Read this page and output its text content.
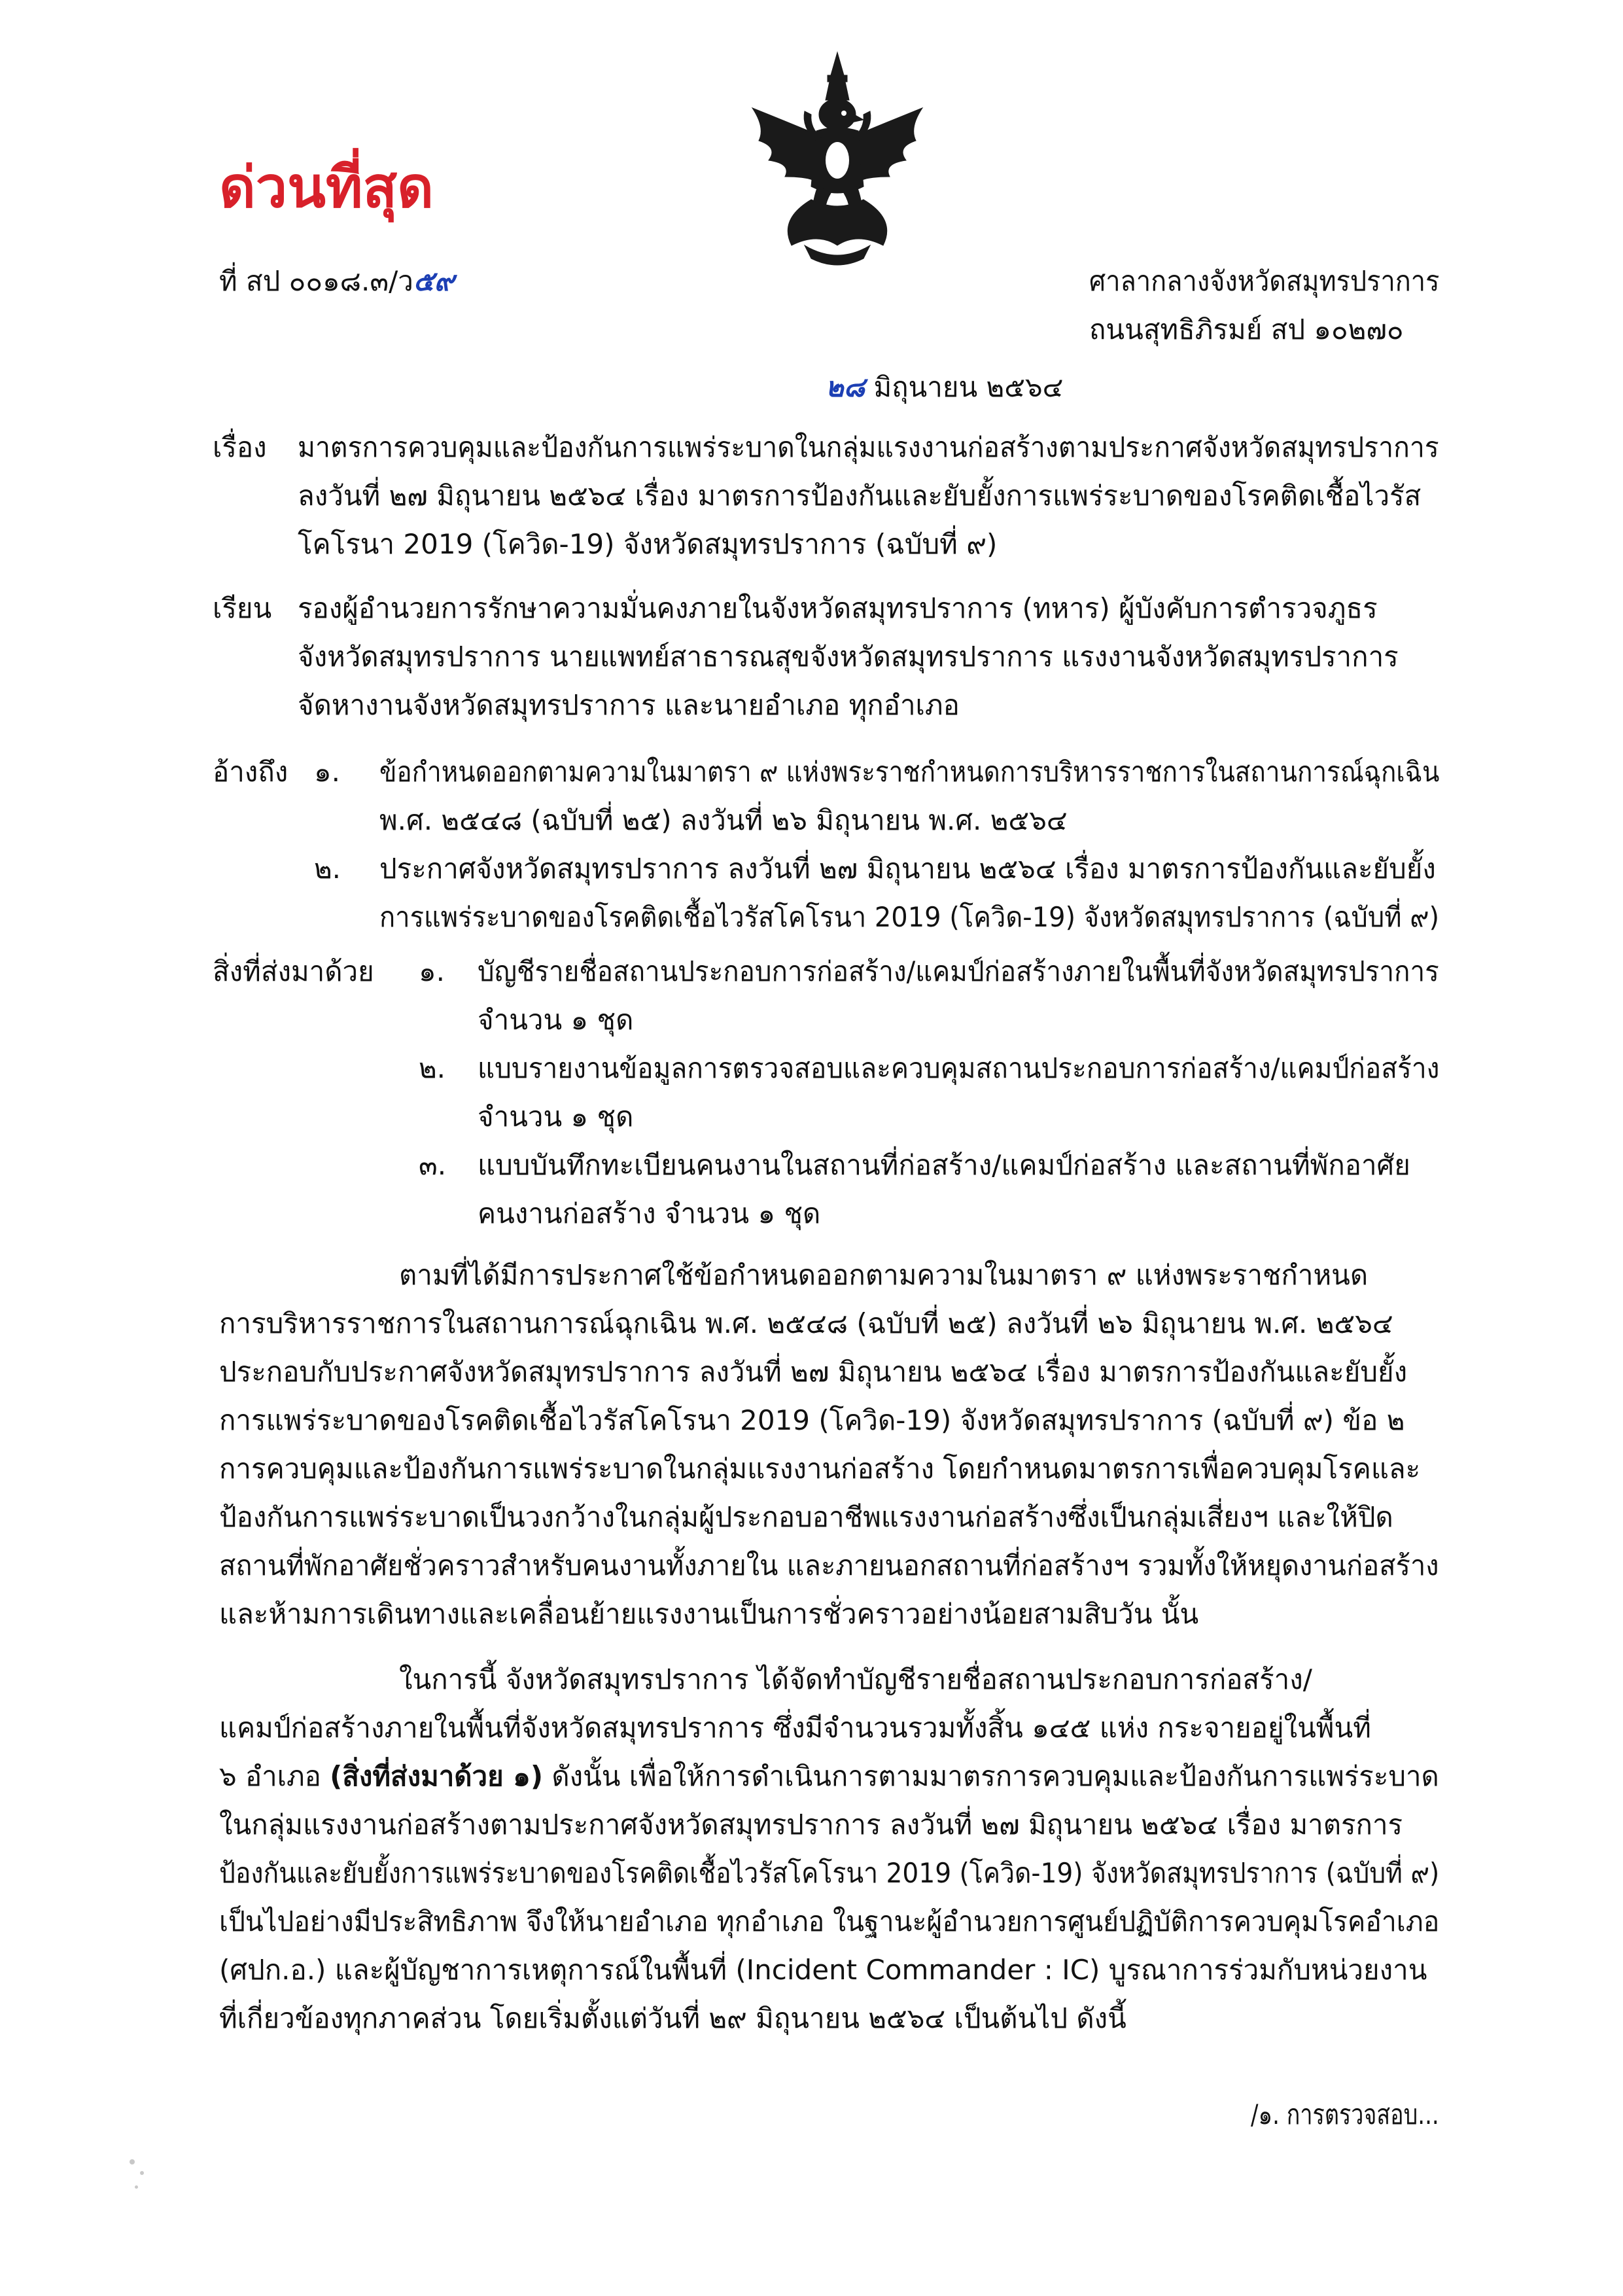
ด่วนที่สุด
ที่ สป ๐๐๑๘.๓/ว๕๙	ศาลากลางจังหวัดสมุทรปราการ
ถนนสุทธิภิรมย์ สป ๑๐๒๗๐
๒๘ มิถุนายน ๒๕๖๔
เรื่อง มาตรการควบคุมและป้องกันการแพร่ระบาดในกลุ่มแรงงานก่อสร้างตามประกาศจังหวัดสมุทรปราการ
ลงวันที่ ๒๗ มิถุนายน ๒๕๖๔ เรื่อง มาตรการป้องกันและยับยั้งการแพร่ระบาดของโรคติดเชื้อไวรัส
โคโรนา 2019 (โควิด-19) จังหวัดสมุทรปราการ (ฉบับที่ ๙)
เรียน รองผู้อำนวยการรักษาความมั่นคงภายในจังหวัดสมุทรปราการ (ทหาร) ผู้บังคับการตำรวจภูธร
จังหวัดสมุทรปราการ นายแพทย์สาธารณสุขจังหวัดสมุทรปราการ แรงงานจังหวัดสมุทรปราการ
จัดหางานจังหวัดสมุทรปราการ และนายอำเภอ ทุกอำเภอ
อ้างถึง ๑. ข้อกำหนดออกตามความในมาตรา ๙ แห่งพระราชกำหนดการบริหารราชการในสถานการณ์ฉุกเฉิน
พ.ศ. ๒๕๔๘ (ฉบับที่ ๒๕) ลงวันที่ ๒๖ มิถุนายน พ.ศ. ๒๕๖๔
๒. ประกาศจังหวัดสมุทรปราการ ลงวันที่ ๒๗ มิถุนายน ๒๕๖๔ เรื่อง มาตรการป้องกันและยับยั้ง
การแพร่ระบาดของโรคติดเชื้อไวรัสโคโรนา 2019 (โควิด-19) จังหวัดสมุทรปราการ (ฉบับที่ ๙)
สิ่งที่ส่งมาด้วย ๑. บัญชีรายชื่อสถานประกอบการก่อสร้าง/แคมป์ก่อสร้างภายในพื้นที่จังหวัดสมุทรปราการ
จำนวน ๑ ชุด
๒. แบบรายงานข้อมูลการตรวจสอบและควบคุมสถานประกอบการก่อสร้าง/แคมป์ก่อสร้าง
จำนวน ๑ ชุด
๓. แบบบันทึกทะเบียนคนงานในสถานที่ก่อสร้าง/แคมป์ก่อสร้าง และสถานที่พักอาศัย
คนงานก่อสร้าง จำนวน ๑ ชุด
ตามที่ได้มีการประกาศใช้ข้อกำหนดออกตามความในมาตรา ๙ แห่งพระราชกำหนด
การบริหารราชการในสถานการณ์ฉุกเฉิน พ.ศ. ๒๕๔๘ (ฉบับที่ ๒๕) ลงวันที่ ๒๖ มิถุนายน พ.ศ. ๒๕๖๔
ประกอบกับประกาศจังหวัดสมุทรปราการ ลงวันที่ ๒๗ มิถุนายน ๒๕๖๔ เรื่อง มาตรการป้องกันและยับยั้ง
การแพร่ระบาดของโรคติดเชื้อไวรัสโคโรนา 2019 (โควิด-19) จังหวัดสมุทรปราการ (ฉบับที่ ๙) ข้อ ๒
การควบคุมและป้องกันการแพร่ระบาดในกลุ่มแรงงานก่อสร้าง โดยกำหนดมาตรการเพื่อควบคุมโรคและ
ป้องกันการแพร่ระบาดเป็นวงกว้างในกลุ่มผู้ประกอบอาชีพแรงงานก่อสร้างซึ่งเป็นกลุ่มเสี่ยงฯ และให้ปิด
สถานที่พักอาศัยชั่วคราวสำหรับคนงานทั้งภายใน และภายนอกสถานที่ก่อสร้างฯ รวมทั้งให้หยุดงานก่อสร้าง
และห้ามการเดินทางและเคลื่อนย้ายแรงงานเป็นการชั่วคราวอย่างน้อยสามสิบวัน นั้น
ในการนี้ จังหวัดสมุทรปราการ ได้จัดทำบัญชีรายชื่อสถานประกอบการก่อสร้าง/
แคมป์ก่อสร้างภายในพื้นที่จังหวัดสมุทรปราการ ซึ่งมีจำนวนรวมทั้งสิ้น ๑๔๕ แห่ง กระจายอยู่ในพื้นที่
๖ อำเภอ (สิ่งที่ส่งมาด้วย ๑) ดังนั้น เพื่อให้การดำเนินการตามมาตรการควบคุมและป้องกันการแพร่ระบาด
ในกลุ่มแรงงานก่อสร้างตามประกาศจังหวัดสมุทรปราการ ลงวันที่ ๒๗ มิถุนายน ๒๕๖๔ เรื่อง มาตรการ
ป้องกันและยับยั้งการแพร่ระบาดของโรคติดเชื้อไวรัสโคโรนา 2019 (โควิด-19) จังหวัดสมุทรปราการ (ฉบับที่ ๙)
เป็นไปอย่างมีประสิทธิภาพ จึงให้นายอำเภอ ทุกอำเภอ ในฐานะผู้อำนวยการศูนย์ปฏิบัติการควบคุมโรคอำเภอ
(ศปก.อ.) และผู้บัญชาการเหตุการณ์ในพื้นที่ (Incident Commander : IC) บูรณาการร่วมกับหน่วยงาน
ที่เกี่ยวข้องทุกภาคส่วน โดยเริ่มตั้งแต่วันที่ ๒๙ มิถุนายน ๒๕๖๔ เป็นต้นไป ดังนี้
/๑. การตรวจสอบ...
